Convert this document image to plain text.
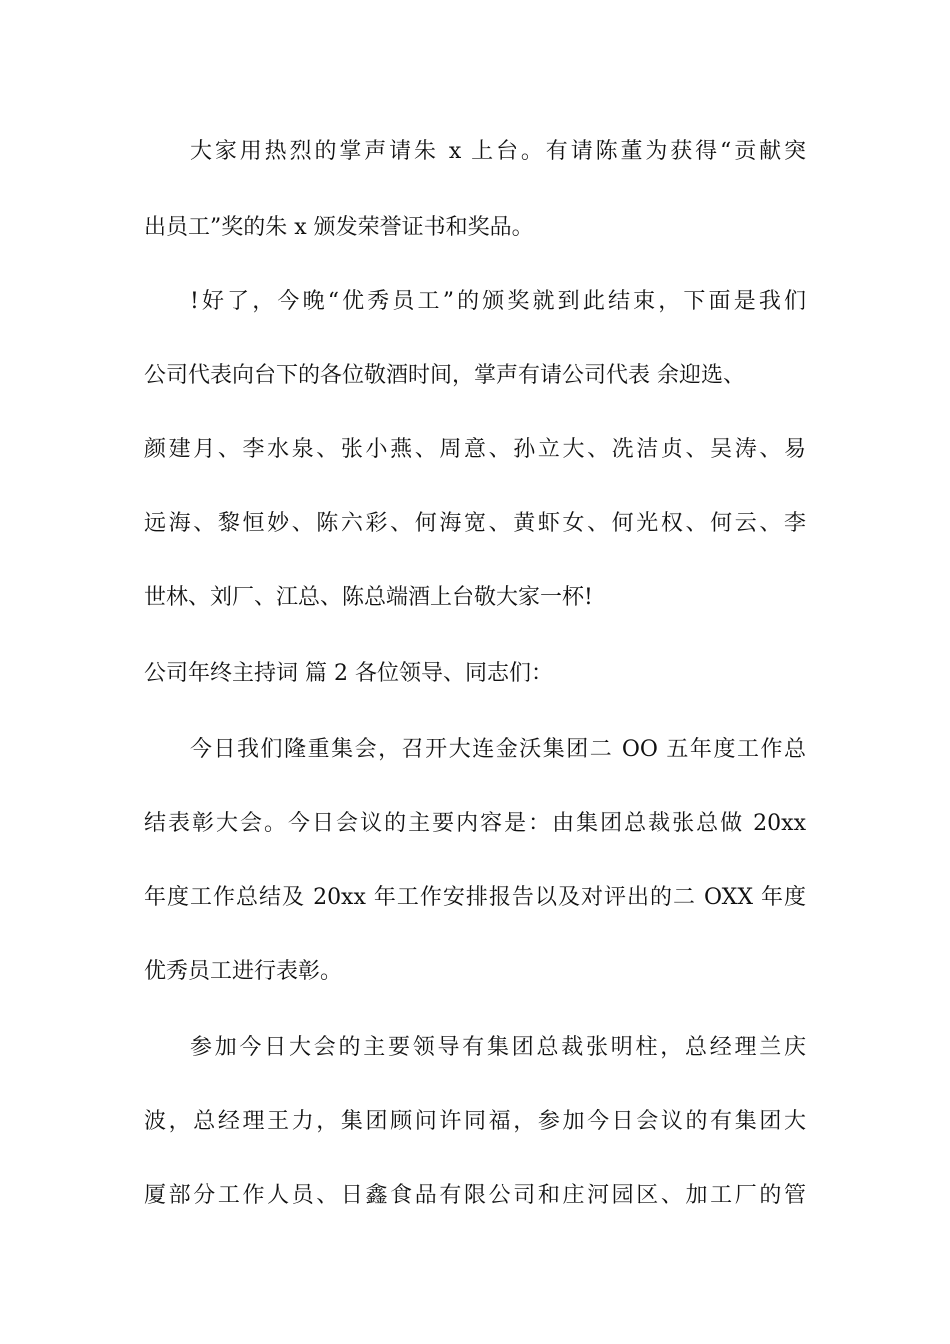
大家用热烈的掌声请朱 x 上台。有请陈董为获得“贡献突
出员工”奖的朱 x 颁发荣誉证书和奖品。
!好了，今晚“优秀员工”的颁奖就到此结束，下面是我们
公司代表向台下的各位敬酒时间，掌声有请公司代表 余迎选、
颜建月、李水泉、张小燕、周意、孙立大、冼洁贞、吴涛、易
远海、黎恒妙、陈六彩、何海宽、黄虾女、何光权、何云、李
世林、刘厂、江总、陈总端酒上台敬大家一杯!
公司年终主持词 篇 2 各位领导、同志们：
今日我们隆重集会，召开大连金沃集团二 OO 五年度工作总
结表彰大会。今日会议的主要内容是：由集团总裁张总做 20xx
年度工作总结及 20xx 年工作安排报告以及对评出的二 OXX 年度
优秀员工进行表彰。
参加今日大会的主要领导有集团总裁张明柱，总经理兰庆
波，总经理王力，集团顾问许同福，参加今日会议的有集团大
厦部分工作人员、日鑫食品有限公司和庄河园区、加工厂的管
